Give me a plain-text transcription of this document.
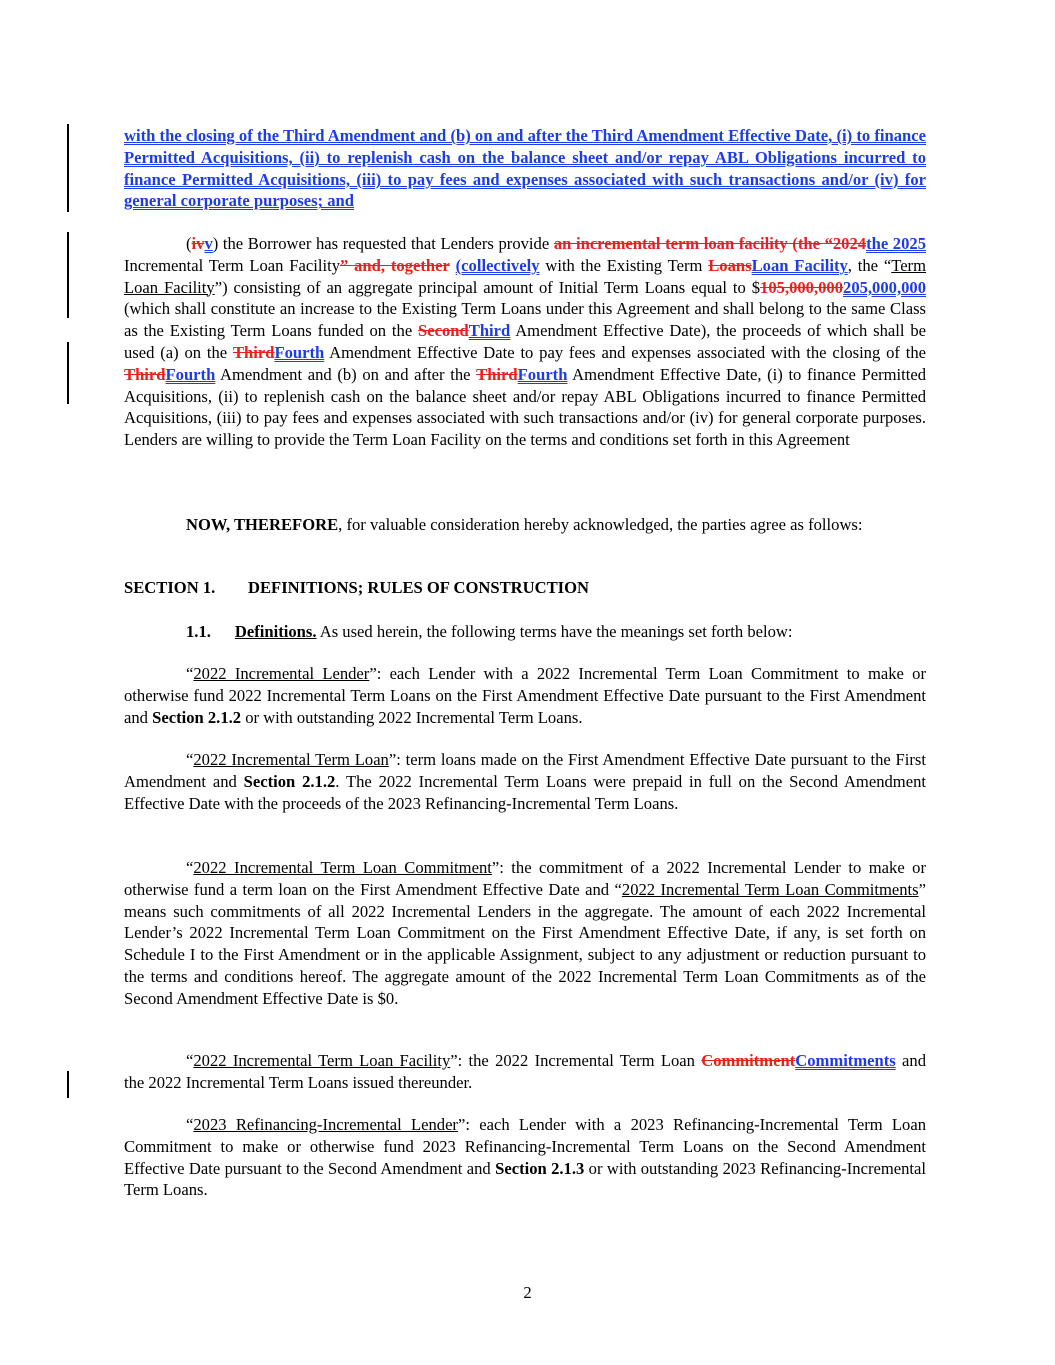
with the closing of the Third Amendment and (b) on and after the Third Amendment Effective Date, (i) to finance Permitted Acquisitions, (ii) to replenish cash on the balance sheet and/or repay ABL Obligations incurred to finance Permitted Acquisitions, (iii) to pay fees and expenses associated with such transactions and/or (iv) for general corporate purposes; and

(ivv) the Borrower has requested that Lenders provide an incremental term loan facility (the “2024the 2025 Incremental Term Loan Facility” and, together (collectively with the Existing Term LoansLoan Facility, the “Term Loan Facility”) consisting of an aggregate principal amount of Initial Term Loans equal to $105,000,000205,000,000 (which shall constitute an increase to the Existing Term Loans under this Agreement and shall belong to the same Class as the Existing Term Loans funded on the SecondThird Amendment Effective Date), the proceeds of which shall be used (a) on the ThirdFourth Amendment Effective Date to pay fees and expenses associated with the closing of the ThirdFourth Amendment and (b) on and after the ThirdFourth Amendment Effective Date, (i) to finance Permitted Acquisitions, (ii) to replenish cash on the balance sheet and/or repay ABL Obligations incurred to finance Permitted Acquisitions, (iii) to pay fees and expenses associated with such transactions and/or (iv) for general corporate purposes. Lenders are willing to provide the Term Loan Facility on the terms and conditions set forth in this Agreement

NOW, THEREFORE, for valuable consideration hereby acknowledged, the parties agree as follows:

SECTION 1. DEFINITIONS; RULES OF CONSTRUCTION

1.1. Definitions. As used herein, the following terms have the meanings set forth below:

“2022 Incremental Lender”: each Lender with a 2022 Incremental Term Loan Commitment to make or otherwise fund 2022 Incremental Term Loans on the First Amendment Effective Date pursuant to the First Amendment and Section 2.1.2 or with outstanding 2022 Incremental Term Loans.

“2022 Incremental Term Loan”: term loans made on the First Amendment Effective Date pursuant to the First Amendment and Section 2.1.2. The 2022 Incremental Term Loans were prepaid in full on the Second Amendment Effective Date with the proceeds of the 2023 Refinancing-Incremental Term Loans.

“2022 Incremental Term Loan Commitment”: the commitment of a 2022 Incremental Lender to make or otherwise fund a term loan on the First Amendment Effective Date and “2022 Incremental Term Loan Commitments” means such commitments of all 2022 Incremental Lenders in the aggregate. The amount of each 2022 Incremental Lender’s 2022 Incremental Term Loan Commitment on the First Amendment Effective Date, if any, is set forth on Schedule I to the First Amendment or in the applicable Assignment, subject to any adjustment or reduction pursuant to the terms and conditions hereof. The aggregate amount of the 2022 Incremental Term Loan Commitments as of the Second Amendment Effective Date is $0.

“2022 Incremental Term Loan Facility”: the 2022 Incremental Term Loan CommitmentCommitments and the 2022 Incremental Term Loans issued thereunder.

“2023 Refinancing-Incremental Lender”: each Lender with a 2023 Refinancing-Incremental Term Loan Commitment to make or otherwise fund 2023 Refinancing-Incremental Term Loans on the Second Amendment Effective Date pursuant to the Second Amendment and Section 2.1.3 or with outstanding 2023 Refinancing-Incremental Term Loans.

2
